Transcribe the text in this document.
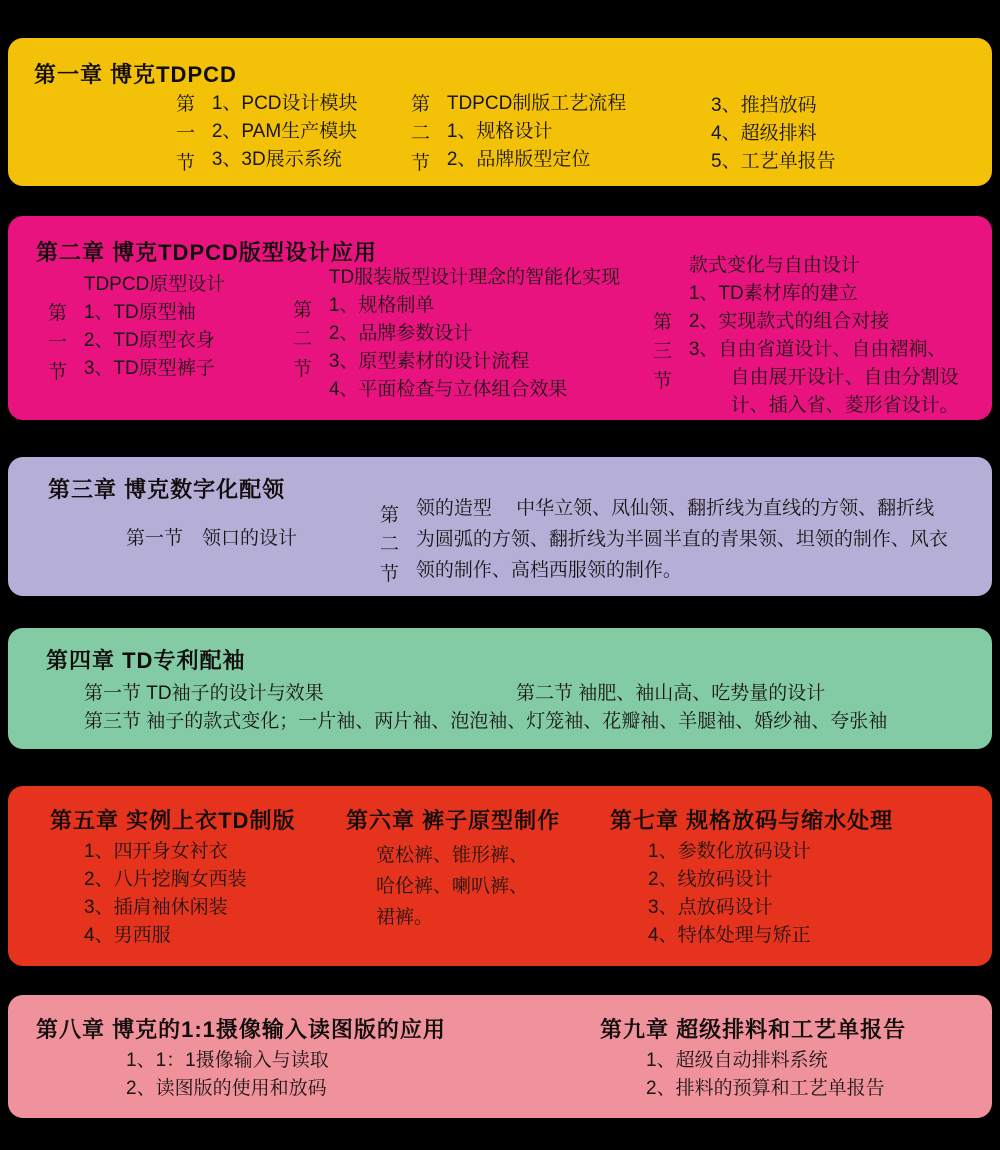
第一章 博克TDPCD
第一节
1、PCD设计模块
2、PAM生产模块
3、3D展示系统
第二节
TDPCD制版工艺流程
1、规格设计
2、品牌版型定位
3、推挡放码
4、超级排料
5、工艺单报告
第二章 博克TDPCD版型设计应用
第一节
TDPCD原型设计
1、TD原型袖
2、TD原型衣身
3、TD原型裤子
第二节
TD服装版型设计理念的智能化实现
1、规格制单
2、品牌参数设计
3、原型素材的设计流程
4、平面检查与立体组合效果
第三节
款式变化与自由设计
1、TD素材库的建立
2、实现款式的组合对接
3、自由省道设计、自由褶裥、自由展开设计、自由分割设计、插入省、菱形省设计。
第三章 博克数字化配领
第一节　领口的设计
第二节

领的造型　 中华立领、凤仙领、翻折线为直线的方领、翻折线为圆弧的方领、翻折线为半圆半直的青果领、坦领的制作、风衣领的制作、高档西服领的制作。

第四章 TD专利配袖
第一节 TD袖子的设计与效果	第二节 袖肥、袖山高、吃势量的设计
第三节 袖子的款式变化；一片袖、两片袖、泡泡袖、灯笼袖、花瓣袖、羊腿袖、婚纱袖、夸张袖
第五章 实例上衣TD制版
1、四开身女衬衣
2、八片挖胸女西装
3、插肩袖休闲装
4、男西服
第六章 裤子原型制作

宽松裤、锥形裤、哈伦裤、喇叭裤、裙裤。

第七章 规格放码与缩水处理
1、参数化放码设计
2、线放码设计
3、点放码设计
4、特体处理与矫正
第八章 博克的1:1摄像输入读图版的应用
1、1：1摄像输入与读取
2、读图版的使用和放码
第九章 超级排料和工艺单报告
1、超级自动排料系统
2、排料的预算和工艺单报告
